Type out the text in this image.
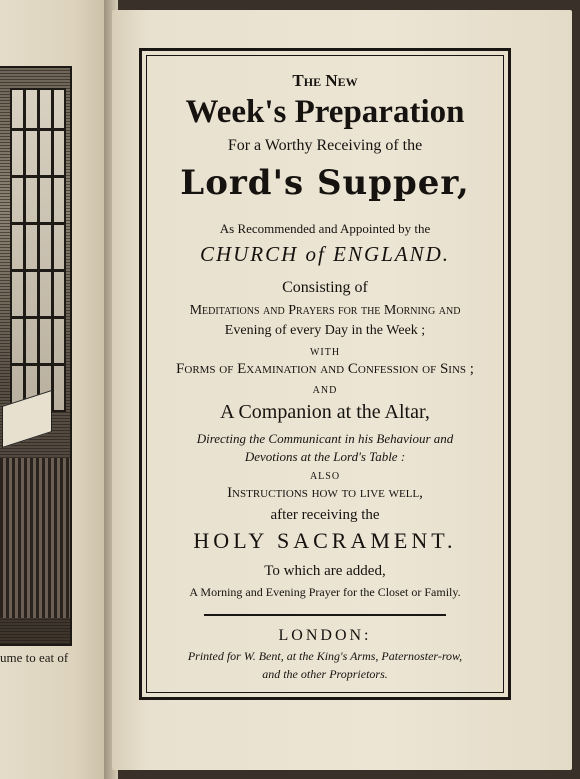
ume to eat of
The New
Week's Preparation
For a Worthy Receiving of the
Lord's Supper,
As Recommended and Appointed by the
CHURCH of ENGLAND.
Consisting of
Meditations and Prayers for the Morning and
Evening of every Day in the Week ;
WITH
Forms of Examination and Confession of Sins ;
AND
A Companion at the Altar,
Directing the Communicant in his Behaviour and
Devotions at the Lord's Table :
ALSO
Instructions how to live well,
after receiving the
HOLY SACRAMENT.
To which are added,
A Morning and Evening Prayer for the Closet or Family.
LONDON:
Printed for W. Bent, at the King's Arms, Paternoster-row,
and the other Proprietors.
